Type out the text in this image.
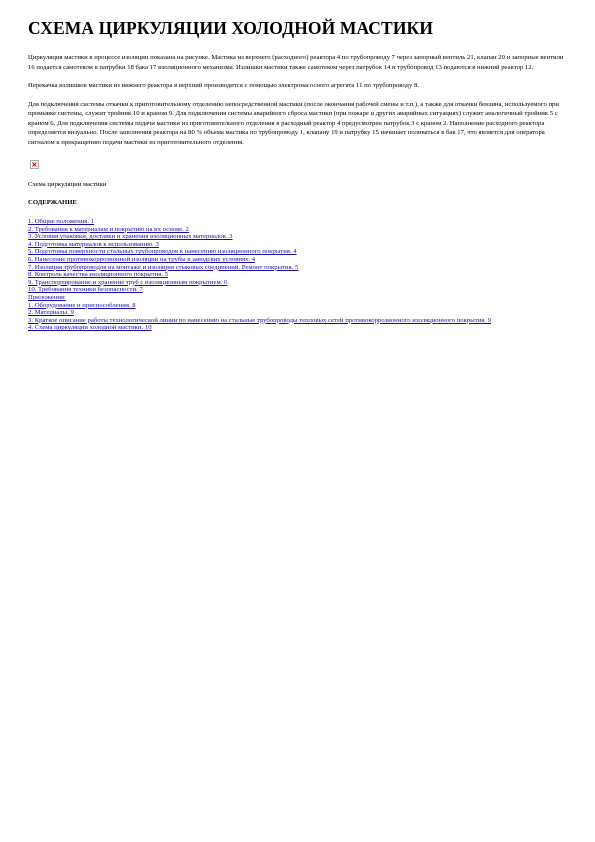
СХЕМА ЦИРКУЛЯЦИИ ХОЛОДНОЙ МАСТИКИ

Циркуляция мастики в процессе изоляции показана на рисунке. Мастика из верхнего (расходного) реактора 4 по трубопроводу 7 через запорный вентиль 21, клапан 20 и запорные вентили 16 подается самотеком в патрубки 18 бака 17 изоляционного механизма. Излишки мастики также самотеком через патрубок 14 и трубопровод 13 подаются в нижний реактор 12.

Перекачка излишков мастики из нижнего реактора в верхний производится с помощью электронасосного агрегата 11 по трубопроводу 8.

Для подключения системы откачки к приготовительному отделению непосредственной мастики (после окончания рабочей смены и т.п.), а также для откачки бензина, используемого при промывке системы, служит тройник 10 и краном 9. Для подключения системы аварийного сброса мастики (при пожаре и других аварийных ситуациях) служит аналогичный тройник 5 с краном 6. Для подключения системы подачи мастики из приготовительного отделения в расходный реактор 4 предусмотрен патрубок 3 с краном 2. Наполнение расходного реактора определяется визуально. После заполнения реактора на 80 % объема мастика по трубопроводу 1, клапану 19 и патрубку 15 начинает поливаться в бак 17, что является для оператора сигналом к прекращению подачи мастики из приготовительного отделения.

Схема циркуляции мастики
СОДЕРЖАНИЕ
1. Общие положения. 1
2. Требования к материалам и покрытию на их основе. 2
3. Условия упаковки, доставки и хранения изоляционных материалов. 3
4. Подготовка материалов к использованию. 3
5. Подготовка поверхности стальных трубопроводов к нанесению изоляционного покрытия. 4
6. Нанесение противокоррозионной изоляции на трубы в заводских условиях. 4
7. Изоляция трубопроводов на монтаже и изоляция стыковых соединений. Ремонт покрытия. 5
8. Контроль качества изоляционного покрытия. 5
9. Транспортирование и хранение труб с изоляционным покрытием. 6
10. Требования техники безопасности. 7
Приложения:
1. Оборудование и приспособления. 8
2. Материалы. 9
3. Краткое описание работы технологической линии по нанесению на стальные трубопроводы тепловых сетей противокоррозионного изоляционного покрытия. 9
4. Схема циркуляции холодной мастики. 10
